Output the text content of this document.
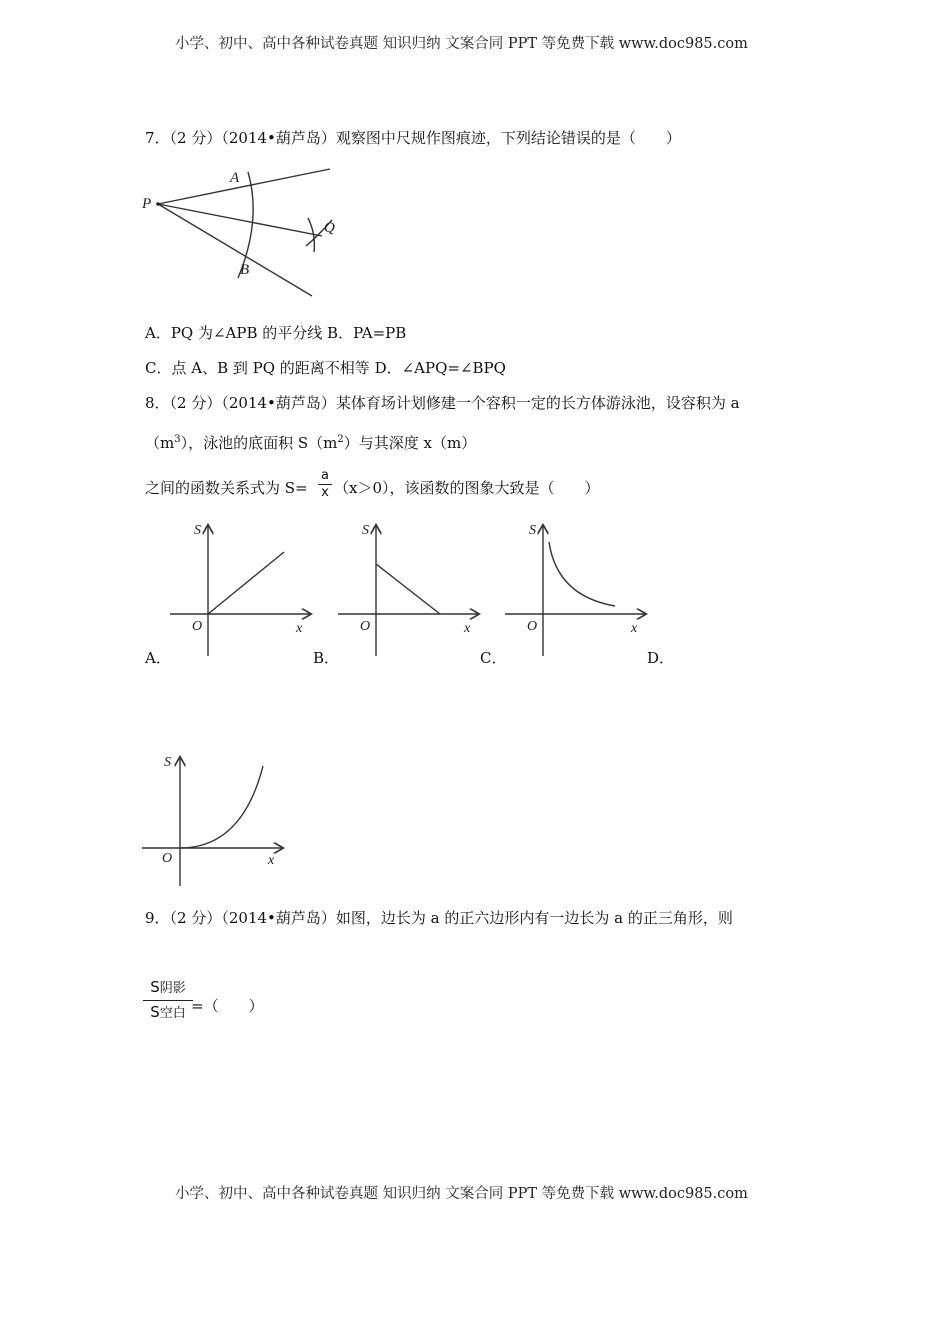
小学、初中、高中各种试卷真题 知识归纳 文案合同 PPT 等免费下载 www.doc985.com
7．（2 分）（2014•葫芦岛）观察图中尺规作图痕迹，下列结论错误的是（　　）
P
A
B
Q
A．PQ 为∠APB 的平分线 B．PA=PB
C．点 A、B 到 PQ 的距离不相等 D．∠APQ=∠BPQ
8．（2 分）（2014•葫芦岛）某体育场计划修建一个容积一定的长方体游泳池，设容积为 a
$(m^3)$，泳池的底面积 $S(m^2)$与其深度 x（m）
之间的函数关系式为 S=
a
x （x＞0），该函数的图象大致是（　　）
S
x
O
S
x
O
S
x
O
A．	B．	C．	D．
S
x
O
9．（2 分）（2014•葫芦岛）如图，边长为 a 的正六边形内有一边长为 a 的正三角形，则
S阴影
S空白 =（　　）
小学、初中、高中各种试卷真题 知识归纳 文案合同 PPT 等免费下载 www.doc985.com
